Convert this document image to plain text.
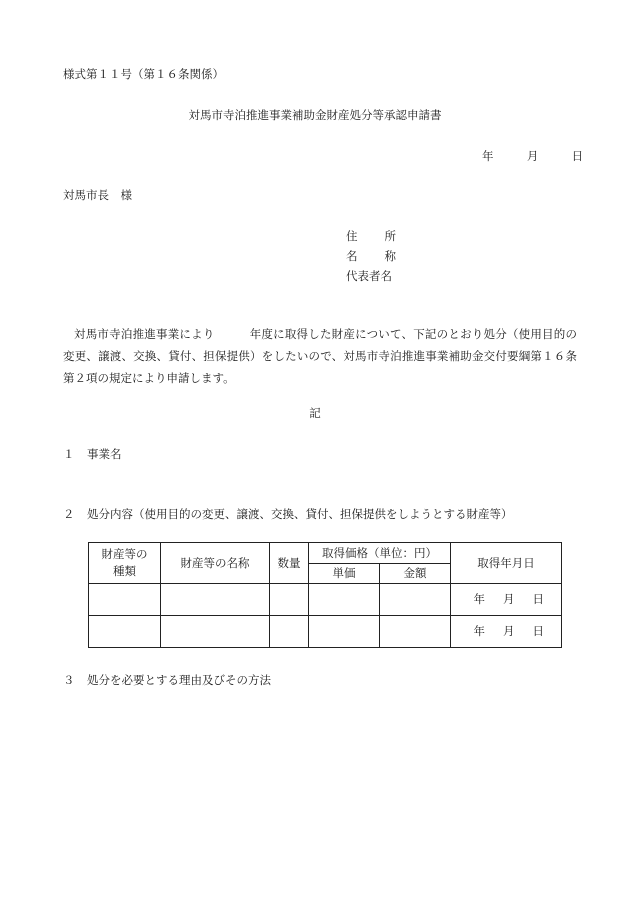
様式第１１号（第１６条関係）

対馬市寺泊推進事業補助金財産処分等承認申請書

年	月	日

対馬市長　様

住 所
名 称
代表者名

対馬市寺泊推進事業により　　　年度に取得した財産について、下記のとおり処分（使用目的の変更、譲渡、交換、貸付、担保提供）をしたいので、対馬市寺泊推進事業補助金交付要綱第１６条第２項の規定により申請します。

記

１ 事業名

２ 処分内容（使用目的の変更、譲渡、交換、貸付、担保提供をしようとする財産等）

財産等の
種類	財産等の名称	数量	取得価格（単位：円）		取得年月日
			単価	金額	

					年 月 日

					年 月 日

３ 処分を必要とする理由及びその方法
